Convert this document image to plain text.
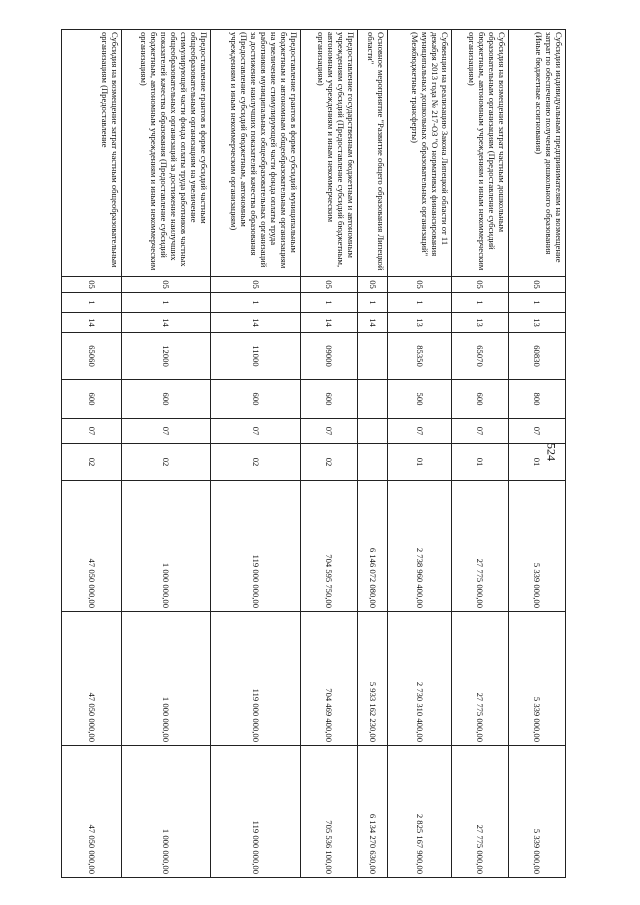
524
Субсидии индивидуальным предпринимателям на возмещение затрат по обеспечению получения дошкольного образования (Иные бюджетные ассигнования)	05	1	13	60830	800	07	01	5 339 000,00	5 339 000,00	5 339 000,00
Субсидия на возмещение затрат частным дошкольным образовательным организациям (Предоставление субсидий бюджетным, автономным учреждениям и иным некоммерческим организациям)	05	1	13	65070	600	07	01	27 775 000,00	27 775 000,00	27 775 000,00
Субвенции на реализацию Закона Липецкой области от 11 декабря 2013 года № 217-ОЗ "О нормативах финансирования муниципальных дошкольных образовательных организаций" (Межбюджетные трансферты)	05	1	13	85350	500	07	01	2 738 960 400,00	2 730 310 400,00	2 825 167 900,00
Основное мероприятие "Развитие общего образования Липецкой области"	05	1	14					6 146 072 080,00	5 933 162 230,00	6 134 270 630,00
Предоставление государственным бюджетным и автономным учреждениям субсидий (Предоставление субсидий бюджетным, автономным учреждениям и иным некоммерческим организациям)	05	1	14	09000	600	07	02	704 595 750,00	704 469 400,00	705 536 100,00
Предоставление грантов в форме субсидий муниципальным бюджетным и автономным общеобразовательным организациям на увеличение стимулирующей части фонда оплаты труда работников муниципальных общеобразовательных организаций за достижение наилучших показателей качества образования (Предоставление субсидий бюджетным, автономным учреждениям и иным некоммерческим организациям)	05	1	14	11000	600	07	02	119 000 000,00	119 000 000,00	119 000 000,00
Предоставление грантов в форме субсидий частным общеобразовательным организациям на увеличение стимулирующей части фонда оплаты труда работников частных общеобразовательных организаций за достижение наилучших показателей качества образования (Предоставление субсидий бюджетным, автономным учреждениям и иным некоммерческим организациям)	05	1	14	12000	600	07	02	1 000 000,00	1 000 000,00	1 000 000,00
Субсидия на возмещение затрат частным общеобразовательным организациям (Предоставление	05	1	14	65060	600	07	02	47 050 000,00	47 050 000,00	47 050 000,00
